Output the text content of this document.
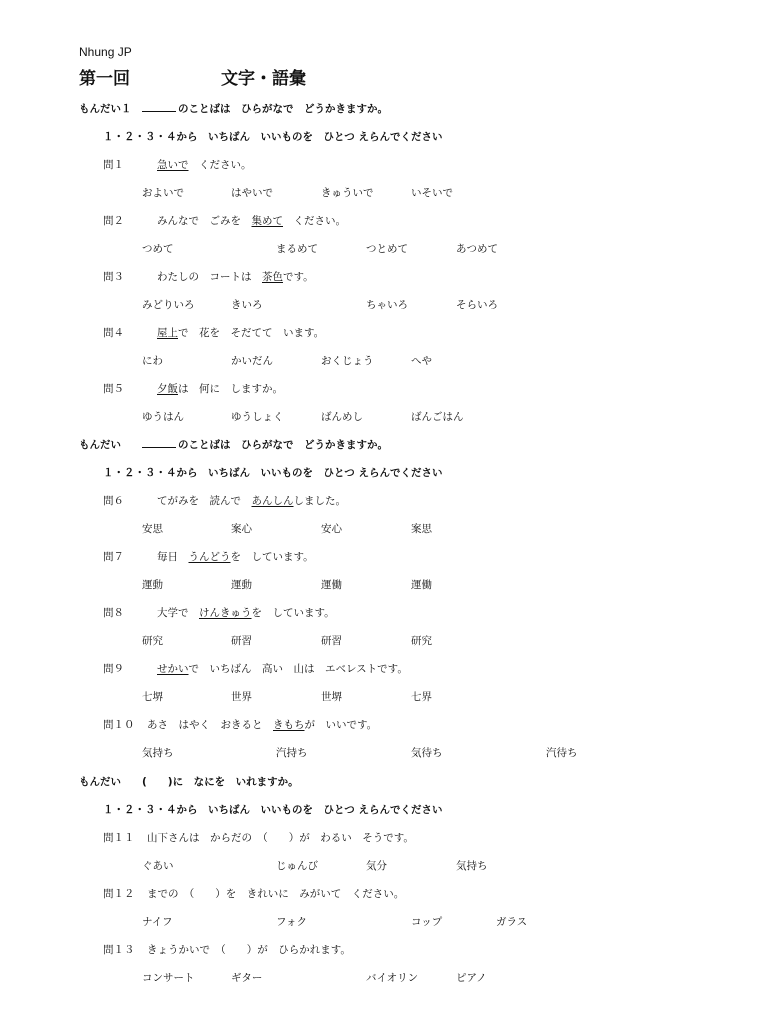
Nhung JP
第一回	文字・語彙
もんだい１　	のことばは　ひらがなで　どうかきますか。
１・２・３・４から　いちばん　いいものを　ひとつ えらんでください
問１	急いで　ください。
およいで	はやいで	きゅういで	いそいで
問２	みんなで　ごみを　集めて　ください。
つめて	まるめて	つとめて	あつめて
問３	わたしの　コートは　茶色です。
みどりいろ	きいろ	ちゃいろ	そらいろ
問４	屋上で　花を　そだてて　います。
にわ	かいだん	おくじょう	へや
問５	夕飯は　何に　しますか。
ゆうはん	ゆうしょく	ばんめし	ばんごはん
もんだい　　	のことばは　ひらがなで　どうかきますか。
１・２・３・４から　いちばん　いいものを　ひとつ えらんでください
問６	てがみを　読んで　あんしんしました。
安思	案心	安心	案思
問７	毎日　うんどうを　しています。
運動	運動	運働	運働
問８	大学で　けんきゅうを　しています。
研究	研習	研習	研究
問９	せかいで　いちばん　高い　山は　エベレストです。
七堺	世界	世堺	七界
問１０ あさ　はやく　おきると　きもちが　いいです。
気持ち	汽持ち	気待ち	汽待ち
もんだい　　 (　　)に　なにを　いれますか。
１・２・３・４から　いちばん　いいものを　ひとつ えらんでください
問１１ 山下さんは　からだの　（　　）が　わるい　そうです。
ぐあい	じゅんび	気分	気持ち
問１２ までの　（　　）を　きれいに　みがいて　ください。
ナイフ	フォク	コップ	ガラス
問１３ きょうかいで　（　　）が　ひらかれます。
コンサート	ギター	バイオリン	ピアノ
